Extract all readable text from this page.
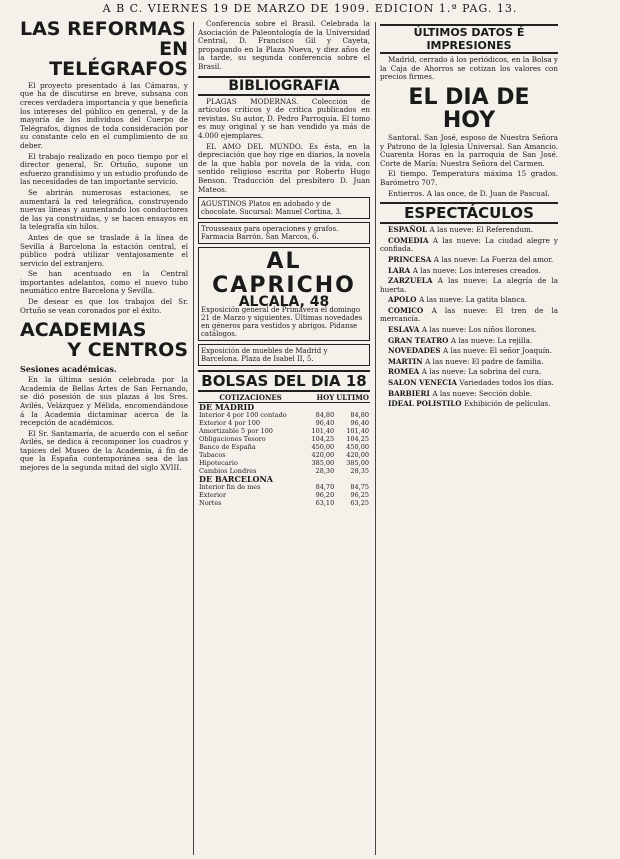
A B C. VIERNES 19 DE MARZO DE 1909. EDICION 1.ª PAG. 13.
LAS REFORMAS
EN TELÉGRAFOS

El proyecto presentado á las Cámaras, y que ha de discutirse en breve, subsana con creces verdadera importancia y que beneficia los intereses del público en general, y de la mayoría de los individuos del Cuerpo de Telégrafos, dignos de toda consideración por su constante celo en el cumplimiento de su deber.

El trabajo realizado en poco tiempo por el director general, Sr. Ortuño, supone un esfuerzo grandísimo y un estudio profundo de las necesidades de tan importante servicio.

Se abrirán numerosas estaciones, se aumentará la red telegráfica, construyendo nuevas líneas y aumentando los conductores de las ya construidas, y se hacen ensayos en la telegrafía sin hilos.

Antes de que se traslade á la línea de Sevilla á Barcelona la estación central, el público podrá utilizar ventajosamente el servicio del extranjero.

Se han acentuado en la Central importantes adelantos, como el nuevo tubo neumático entre Barcelona y Sevilla.

De desear es que los trabajos del Sr. Ortuño se vean coronados por el éxito.

ACADEMIAS
Y CENTROS
Sesiones académicas.

En la última sesión celebrada por la Academia de Bellas Artes de San Fernando, se dió posesión de sus plazas á los Sres. Avilés, Velázquez y Mélida, encomendándose á la Academia dictaminar acerca de la recepción de académicos.

El Sr. Santamaría, de acuerdo con el señor Avilés, se dedica á recomponer los cuadros y tapices del Museo de la Academia, á fin de que la España contemporánea sea de las mejores de la segunda mitad del siglo XVIII.

Conferencia sobre el Brasil. Celebrada la Asociación de Paleontología de la Universidad Central, D. Francisco Gil y Cayeta, propagando en la Plaza Nueva, y diez años de la tarde, su segunda conferencia sobre el Brasil.

BIBLIOGRAFIA

PLAGAS MODERNAS. Colección de artículos críticos y de crítica publicados en revistas. Su autor, D. Pedro Parroquia. El tomo es muy original y se han vendido ya más de 4.000 ejemplares.

EL AMO DEL MUNDO. Es ésta, en la depreciación que hoy rige en diarios, la novela de la que habla por novela de la vida, con sentido religioso escrita por Roberto Hugo Benson. Traducción del presbítero D. Juan Mateos.

AGUSTINOS Platos en adobado y de chocolate. Sucursal: Manuel Cortina, 3.
Trousseaux para operaciones y grafos. Farmacia Barrón. San Marcos, 6.
AL CAPRICHO
ALCALA, 48
Exposición general de Primavera el domingo 21 de Marzo y siguientes. Últimas novedades en géneros para vestidos y abrigos. Pidanse catálogos.
Exposición de muebles de Madrid y Barcelona. Plaza de Isabel II, 5.
BOLSAS DEL DIA 18
COTIZACIONES	HOY	ULTIMO
DE MADRID		
Interior 4 por 100 contado	84,80	84,80
Exterior 4 por 100	96,40	96,40
Amortizable 5 por 100	101,40	101,40
Obligaciones Tesoro	104,25	104,25
Banco de España	450,00	450,00
Tabacos	420,00	420,00
Hipotecario	385,00	385,00
Cambios Londres	28,30	28,35
DE BARCELONA		
Interior fin de mes	84,70	84,75
Exterior	96,20	96,25
Nortes	63,10	63,25
ÚLTIMOS DATOS É IMPRESIONES

Madrid, cerrado á los periódicos, en la Bolsa y la Caja de Ahorros se cotizan los valores con precios firmes.

EL DIA DE HOY

Santoral. San José, esposo de Nuestra Señora y Patrono de la Iglesia Universal. San Amancio. Cuarenta Horas en la parroquia de San José. Corte de María: Nuestra Señora del Carmen.

El tiempo. Temperatura máxima 15 grados. Barómetro 707.

Entierros. A las once, de D. Juan de Pascual.

ESPECTÁCULOS

ESPAÑOL A las nueve: El Referendum.

COMEDIA A las nueve: La ciudad alegre y confiada.

PRINCESA A las nueve: La Fuerza del amor.

LARA A las nueve: Los intereses creados.

ZARZUELA A las nueve: La alegría de la huerta.

APOLO A las nueve: La gatita blanca.

COMICO A las nueve: El tren de la mercancía.

ESLAVA A las nueve: Los niños llorones.

GRAN TEATRO A las nueve: La rejilla.

NOVEDADES A las nueve: El señor Joaquín.

MARTIN A las nueve: El padre de familia.

ROMEA A las nueve: La sobrina del cura.

SALON VENECIA Variedades todos los días.

BARBIERI A las nueve: Sección doble.

IDEAL POLISTILO Exhibición de películas.
